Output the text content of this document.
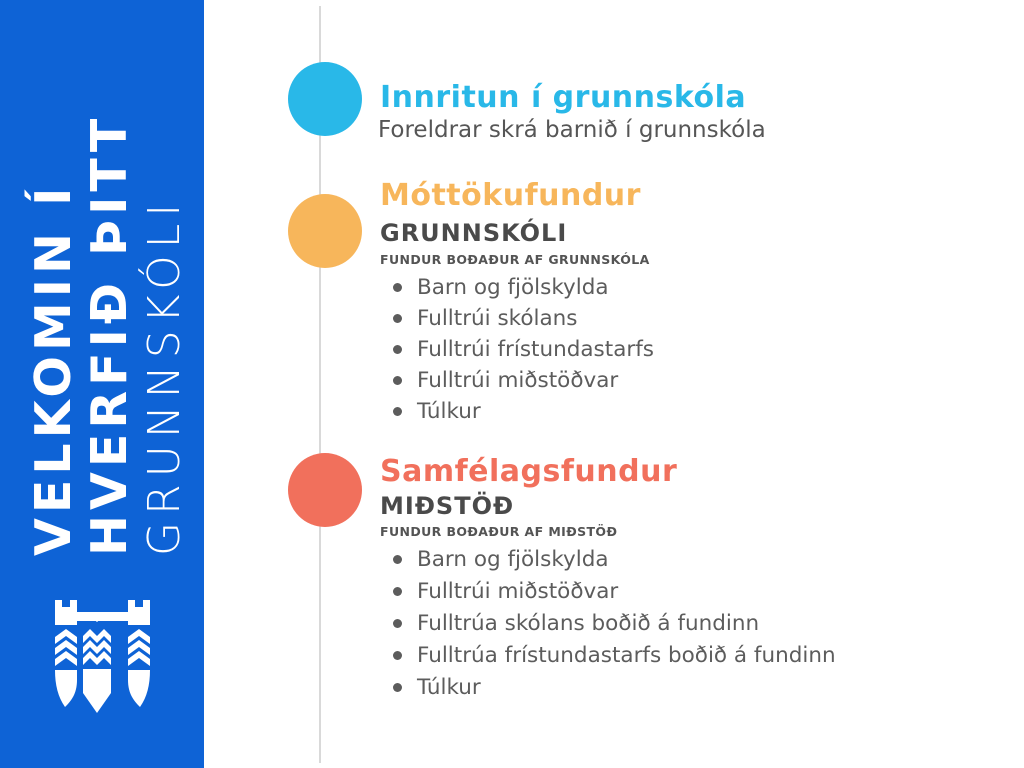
VELKOMIN Í HVERFIÐ ÞITT GRUNNSKÓLI
Innritun í grunnskóla
Foreldrar skrá barnið í grunnskóla
Móttökufundur
GRUNNSKÓLI
FUNDUR BOÐAÐUR AF GRUNNSKÓLA
Barn og fjölskylda
Fulltrúi skólans
Fulltrúi frístundastarfs
Fulltrúi miðstöðvar
Túlkur
Samfélagsfundur
MIÐSTÖÐ
FUNDUR BOÐAÐUR AF MIÐSTÖÐ
Barn og fjölskylda
Fulltrúi miðstöðvar
Fulltrúa skólans boðið á fundinn
Fulltrúa frístundastarfs boðið á fundinn
Túlkur
